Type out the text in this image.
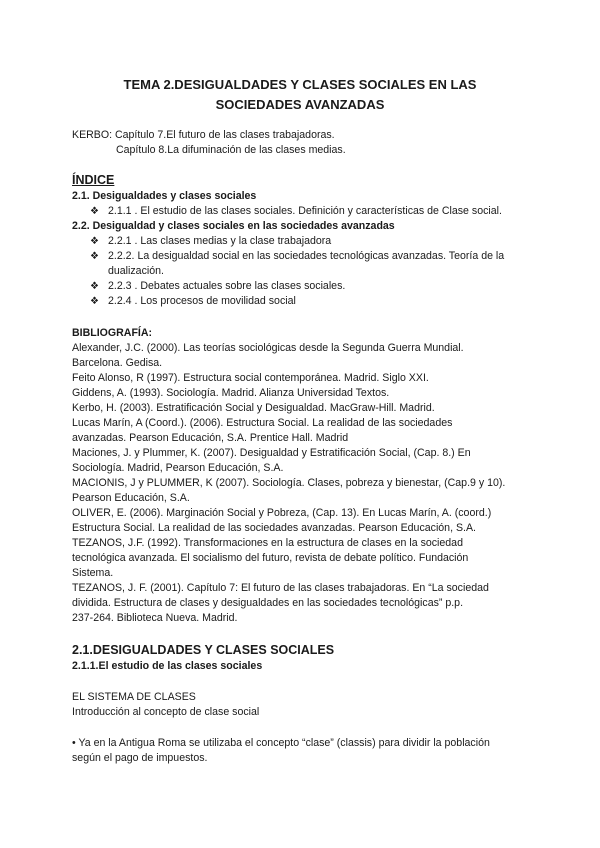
TEMA 2.DESIGUALDADES Y CLASES SOCIALES EN LAS
SOCIEDADES AVANZADAS
KERBO: Capítulo 7.El futuro de las clases trabajadoras.
Capítulo 8.La difuminación de las clases medias.
ÍNDICE
2.1. Desigualdades y clases sociales
❖ 2.1.1 . El estudio de las clases sociales. Definición y características de Clase social.
2.2. Desigualdad y clases sociales en las sociedades avanzadas
❖ 2.2.1 . Las clases medias y la clase trabajadora
❖ 2.2.2. La desigualdad social en las sociedades tecnológicas avanzadas. Teoría de la
dualización.
❖ 2.2.3 . Debates actuales sobre las clases sociales.
❖ 2.2.4 . Los procesos de movilidad social
BIBLIOGRAFÍA:
Alexander, J.C. (2000). Las teorías sociológicas desde la Segunda Guerra Mundial.
Barcelona. Gedisa.
Feito Alonso, R (1997). Estructura social contemporánea. Madrid. Siglo XXI.
Giddens, A. (1993). Sociología. Madrid. Alianza Universidad Textos.
Kerbo, H. (2003). Estratificación Social y Desigualdad. MacGraw-Hill. Madrid.
Lucas Marín, A (Coord.). (2006). Estructura Social. La realidad de las sociedades
avanzadas. Pearson Educación, S.A. Prentice Hall. Madrid
Maciones, J. y Plummer, K. (2007). Desigualdad y Estratificación Social, (Cap. 8.) En
Sociología. Madrid, Pearson Educación, S.A.
MACIONIS, J y PLUMMER, K (2007). Sociología. Clases, pobreza y bienestar, (Cap.9 y 10).
Pearson Educación, S.A.
OLIVER, E. (2006). Marginación Social y Pobreza, (Cap. 13). En Lucas Marín, A. (coord.)
Estructura Social. La realidad de las sociedades avanzadas. Pearson Educación, S.A.
TEZANOS, J.F. (1992). Transformaciones en la estructura de clases en la sociedad
tecnológica avanzada. El socialismo del futuro, revista de debate político. Fundación
Sistema.
TEZANOS, J. F. (2001). Capítulo 7: El futuro de las clases trabajadoras. En “La sociedad
dividida. Estructura de clases y desigualdades en las sociedades tecnológicas” p.p.
237-264. Biblioteca Nueva. Madrid.
2.1.DESIGUALDADES Y CLASES SOCIALES
2.1.1.El estudio de las clases sociales
EL SISTEMA DE CLASES
Introducción al concepto de clase social
• Ya en la Antigua Roma se utilizaba el concepto “clase” (classis) para dividir la población
según el pago de impuestos.
